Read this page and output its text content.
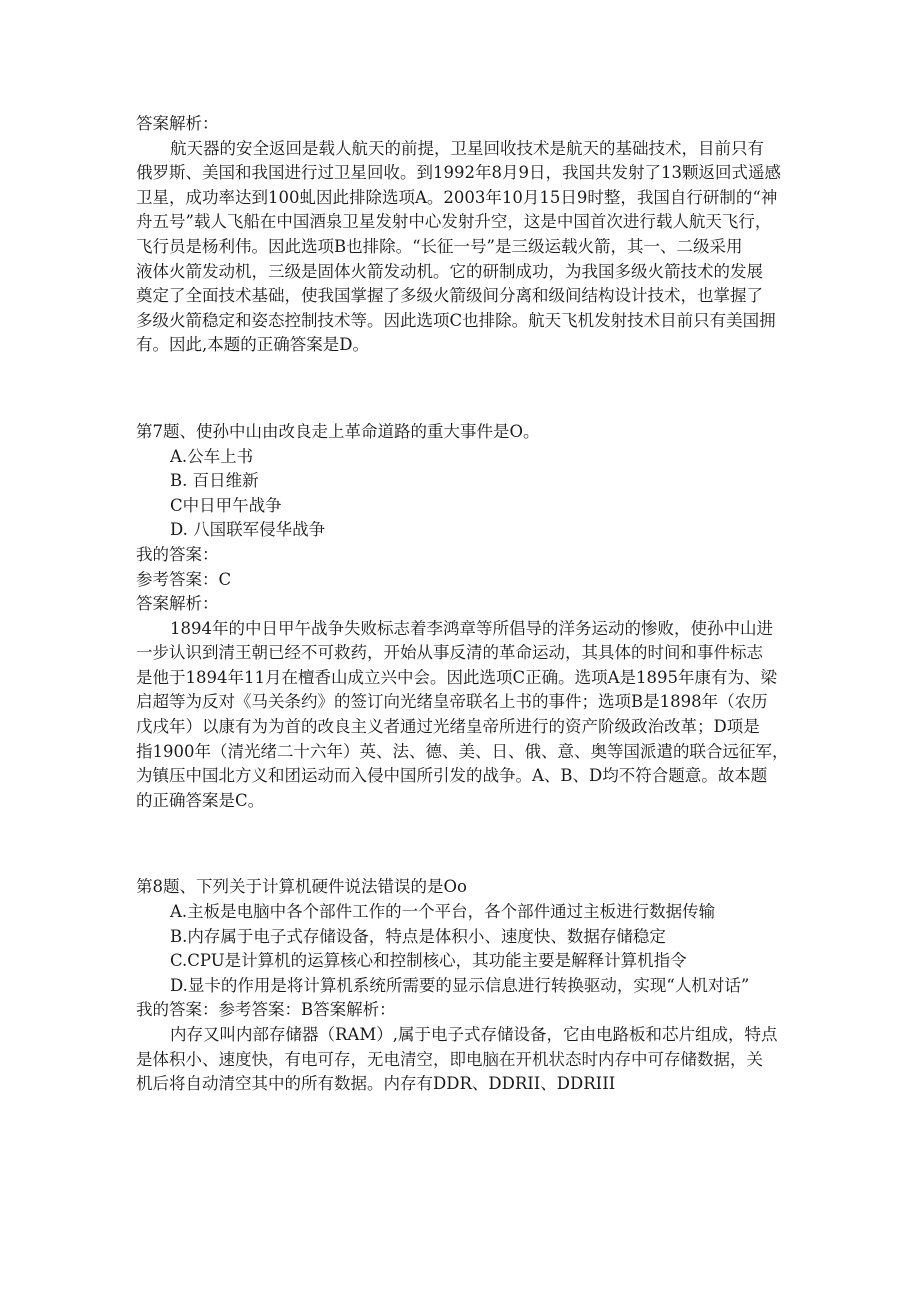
答案解析：
航天器的安全返回是载人航天的前提，卫星回收技术是航天的基础技术，目前只有
俄罗斯、美国和我国进行过卫星回收。到1992年8月9日，我国共发射了13颗返回式遥感
卫星，成功率达到100虬因此排除选项A。2003年10月15日9时整，我国自行研制的“神
舟五号”载人飞船在中国酒泉卫星发射中心发射升空，这是中国首次进行载人航天飞行，
飞行员是杨利伟。因此选项B也排除。“长征一号”是三级运载火箭，其一、二级采用
液体火箭发动机，三级是固体火箭发动机。它的研制成功，为我国多级火箭技术的发展
奠定了全面技术基础，使我国掌握了多级火箭级间分离和级间结构设计技术，也掌握了
多级火箭稳定和姿态控制技术等。因此选项C也排除。航天飞机发射技术目前只有美国拥
有。因此,本题的正确答案是D。
第7题、使孙中山由改良走上革命道路的重大事件是O。
A.公车上书
B. 百日维新
C中日甲午战争
D. 八国联军侵华战争
我的答案：
参考答案：C
答案解析：
1894年的中日甲午战争失败标志着李鸿章等所倡导的洋务运动的惨败，使孙中山进
一步认识到清王朝已经不可救药，开始从事反清的革命运动，其具体的时间和事件标志
是他于1894年11月在檀香山成立兴中会。因此选项C正确。选项A是1895年康有为、梁
启超等为反对《马关条约》的签订向光绪皇帝联名上书的事件；选项B是1898年（农历
戊戌年）以康有为为首的改良主义者通过光绪皇帝所进行的资产阶级政治改革；D项是
指1900年（清光绪二十六年）英、法、德、美、日、俄、意、奥等国派遣的联合远征军，
为镇压中国北方义和团运动而入侵中国所引发的战争。A、B、D均不符合题意。故本题
的正确答案是C。
第8题、下列关于计算机硬件说法错误的是Oo
A.主板是电脑中各个部件工作的一个平台，各个部件通过主板进行数据传输
B.内存属于电子式存储设备，特点是体积小、速度快、数据存储稳定
C.CPU是计算机的运算核心和控制核心，其功能主要是解释计算机指令
D.显卡的作用是将计算机系统所需要的显示信息进行转换驱动，实现“人机对话”
我的答案：参考答案：B答案解析：
内存又叫内部存储器（RAM）,属于电子式存储设备，它由电路板和芯片组成，特点
是体积小、速度快，有电可存，无电清空，即电脑在开机状态时内存中可存储数据，关
机后将自动清空其中的所有数据。内存有DDR、DDRII、DDRIII
